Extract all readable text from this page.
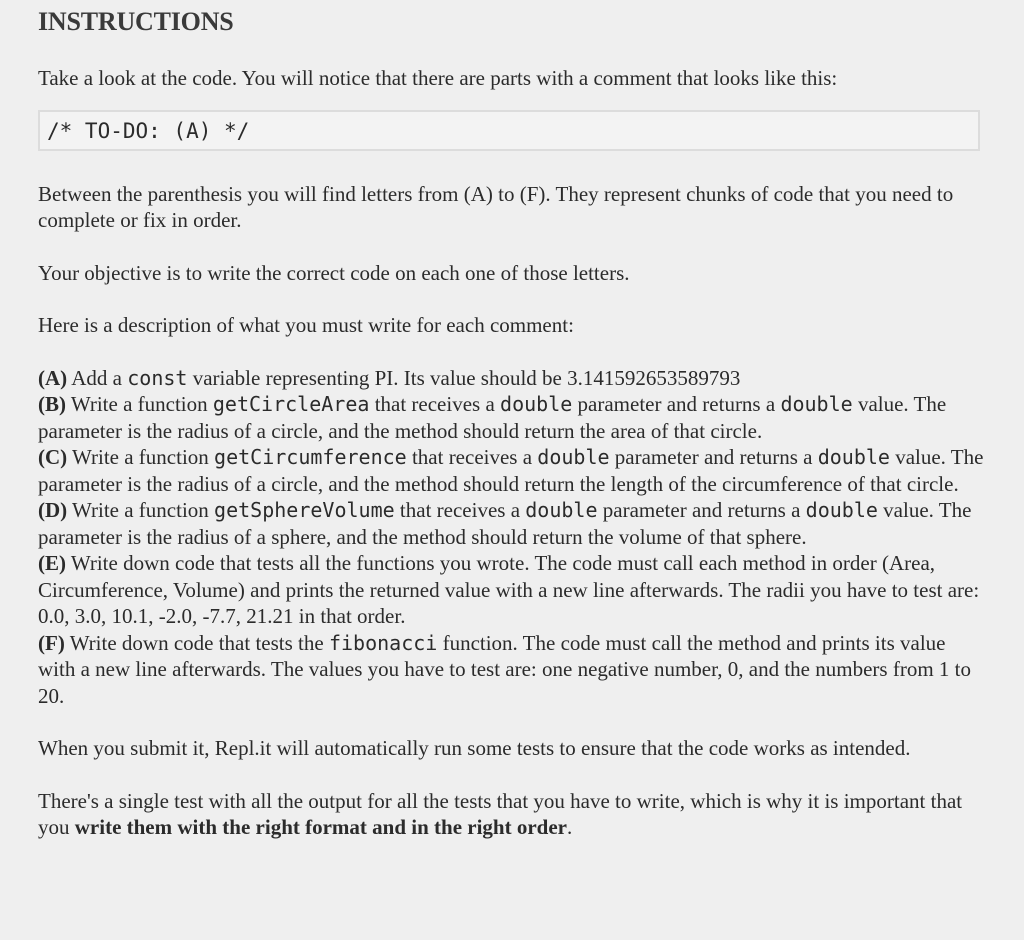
INSTRUCTIONS

Take a look at the code. You will notice that there are parts with a comment that looks like this:

/* TO-DO: (A) */

Between the parenthesis you will find letters from (A) to (F). They represent chunks of code that you need to complete or fix in order.

Your objective is to write the correct code on each one of those letters.

Here is a description of what you must write for each comment:

(A) Add a const variable representing PI. Its value should be 3.141592653589793

(B) Write a function getCircleArea that receives a double parameter and returns a double value. The parameter is the radius of a circle, and the method should return the area of that circle.

(C) Write a function getCircumference that receives a double parameter and returns a double value. The parameter is the radius of a circle, and the method should return the length of the circumference of that circle.

(D) Write a function getSphereVolume that receives a double parameter and returns a double value. The parameter is the radius of a sphere, and the method should return the volume of that sphere.

(E) Write down code that tests all the functions you wrote. The code must call each method in order (Area, Circumference, Volume) and prints the returned value with a new line afterwards. The radii you have to test are: 0.0, 3.0, 10.1, -2.0, -7.7, 21.21 in that order.

(F) Write down code that tests the fibonacci function. The code must call the method and prints its value with a new line afterwards. The values you have to test are: one negative number, 0, and the numbers from 1 to 20.

When you submit it, Repl.it will automatically run some tests to ensure that the code works as intended.

There's a single test with all the output for all the tests that you have to write, which is why it is important that you write them with the right format and in the right order.
